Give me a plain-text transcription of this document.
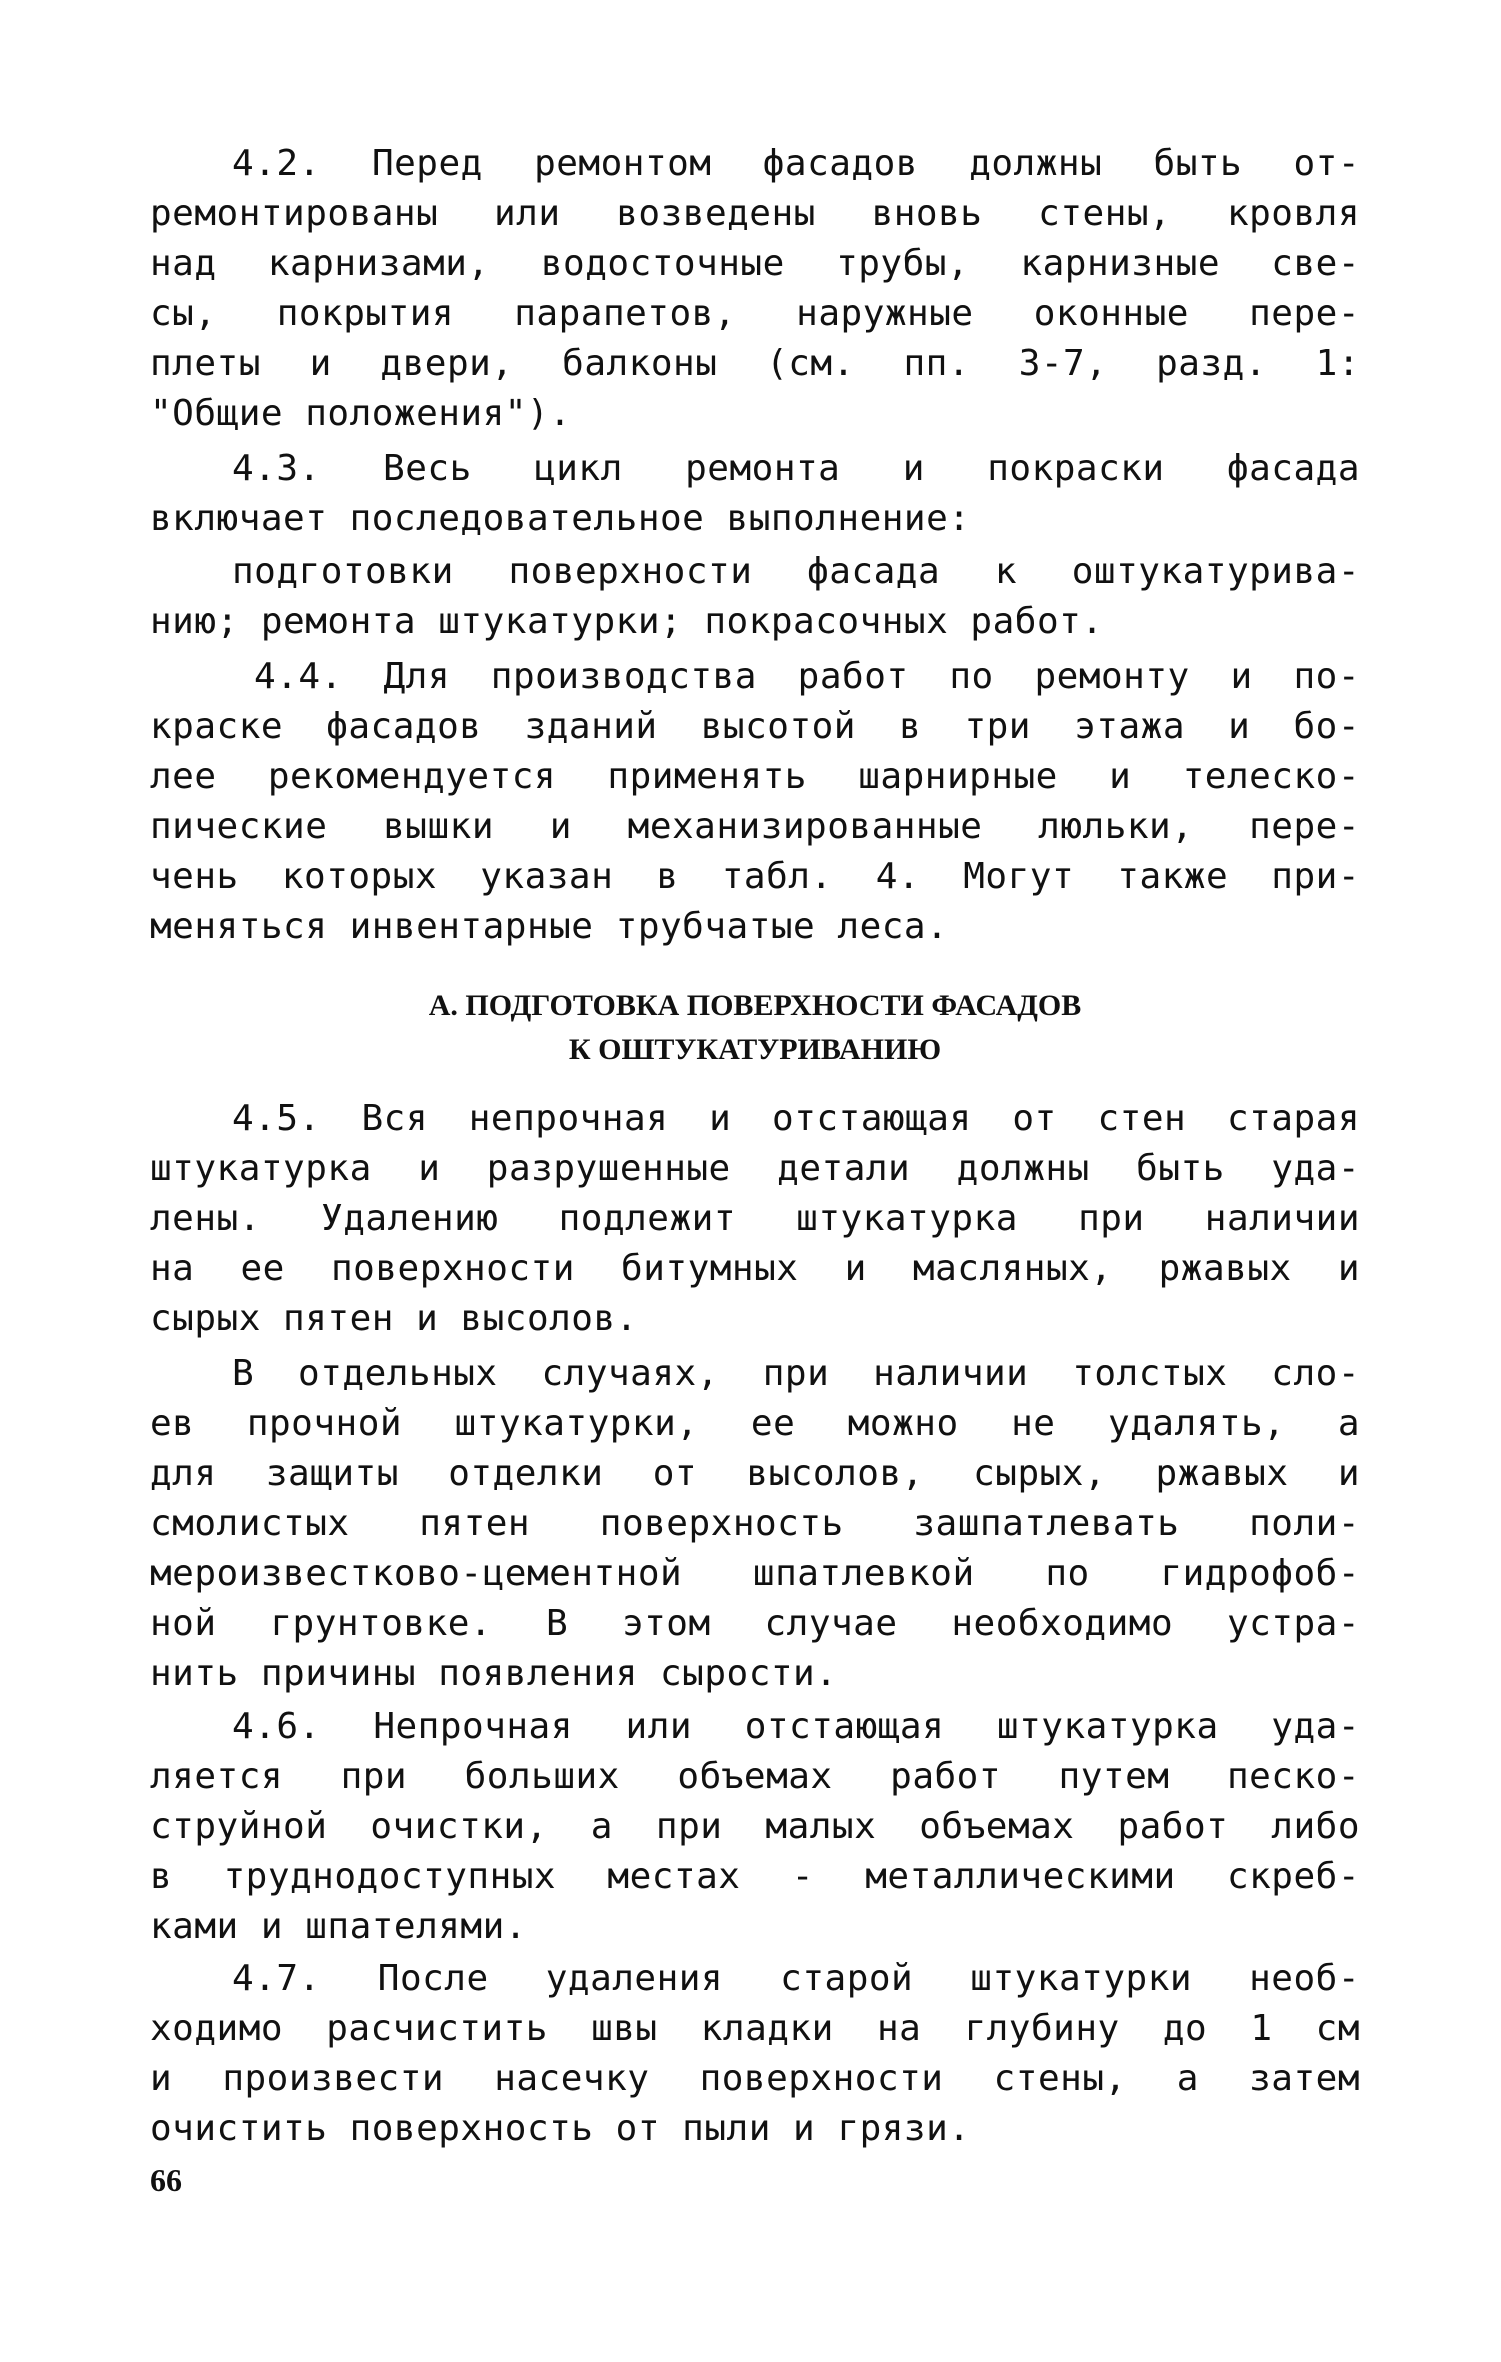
4.2. Перед ремонтом фасадов должны быть от-

ремонтированы или возведены вновь стены, кровля

над карнизами, водосточные трубы, карнизные све-

сы, покрытия парапетов, наружные оконные пере-

плеты и двери, балконы (см. пп. 3-7, разд. 1:

"Общие положения").

4.3. Весь цикл ремонта и покраски фасада

включает последовательное выполнение:

подготовки поверхности фасада к оштукатурива-

нию; ремонта штукатурки; покрасочных работ.

4.4. Для производства работ по ремонту и по-

краске фасадов зданий высотой в три этажа и бо-

лее рекомендуется применять шарнирные и телеско-

пические вышки и механизированные люльки, пере-

чень которых указан в табл. 4. Могут также при-

меняться инвентарные трубчатые леса.

А. ПОДГОТОВКА ПОВЕРХНОСТИ ФАСАДОВ
К ОШТУКАТУРИВАНИЮ

4.5. Вся непрочная и отстающая от стен старая

штукатурка и разрушенные детали должны быть уда-

лены. Удалению подлежит штукатурка при наличии

на ее поверхности битумных и масляных, ржавых и

сырых пятен и высолов.

В отдельных случаях, при наличии толстых сло-

ев прочной штукатурки, ее можно не удалять, а

для защиты отделки от высолов, сырых, ржавых и

смолистых пятен поверхность зашпатлевать поли-

мероизвестково-цементной шпатлевкой по гидрофоб-

ной грунтовке. В этом случае необходимо устра-

нить причины появления сырости.

4.6. Непрочная или отстающая штукатурка уда-

ляется при больших объемах работ путем песко-

струйной очистки, а при малых объемах работ либо

в труднодоступных местах - металлическими скреб-

ками и шпателями.

4.7. После удаления старой штукатурки необ-

ходимо расчистить швы кладки на глубину до 1 см

и произвести насечку поверхности стены, а затем

очистить поверхность от пыли и грязи.

66
